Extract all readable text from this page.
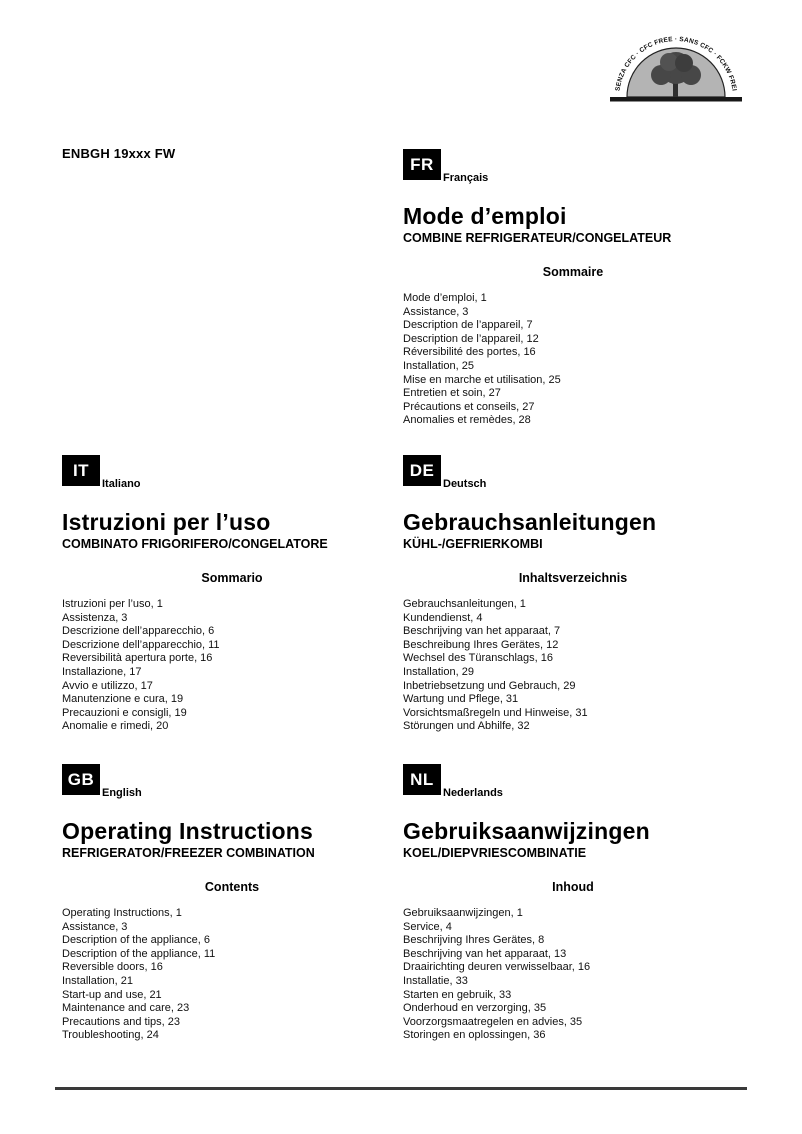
SENZA CFC · CFC FREE · SANS CFC · FCKW FREI
ENBGH 19xxx FW
FR
Français
Mode d’emploi
COMBINE REFRIGERATEUR/CONGELATEUR
Sommaire
Mode d’emploi, 1
Assistance, 3
Description de l’appareil, 7
Description de l’appareil, 12
Réversibilité des portes, 16
Installation, 25
Mise en marche et utilisation, 25
Entretien et soin, 27
Précautions et conseils, 27
Anomalies et remèdes, 28
IT
Italiano
Istruzioni per l’uso
COMBINATO FRIGORIFERO/CONGELATORE
Sommario
Istruzioni per l’uso, 1
Assistenza, 3
Descrizione dell’apparecchio, 6
Descrizione dell’apparecchio, 11
Reversibilità apertura porte, 16
Installazione, 17
Avvio e utilizzo, 17
Manutenzione e cura, 19
Precauzioni e consigli, 19
Anomalie e rimedi, 20
DE
Deutsch
Gebrauchsanleitungen
KÜHL-/GEFRIERKOMBI
Inhaltsverzeichnis
Gebrauchsanleitungen, 1
Kundendienst, 4
Beschrijving van het apparaat, 7
Beschreibung Ihres Gerätes, 12
Wechsel des Türanschlags, 16
Installation, 29
Inbetriebsetzung und Gebrauch, 29
Wartung und Pflege, 31
Vorsichtsmaßregeln und Hinweise, 31
Störungen und Abhilfe, 32
GB
English
Operating Instructions
REFRIGERATOR/FREEZER COMBINATION
Contents
Operating Instructions, 1
Assistance, 3
Description of the appliance, 6
Description of the appliance, 11
Reversible doors, 16
Installation, 21
Start-up and use, 21
Maintenance and care, 23
Precautions and tips, 23
Troubleshooting, 24
NL
Nederlands
Gebruiksaanwijzingen
KOEL/DIEPVRIESCOMBINATIE
Inhoud
Gebruiksaanwijzingen, 1
Service, 4
Beschrijving Ihres Gerätes, 8
Beschrijving van het apparaat, 13
Draairichting deuren verwisselbaar, 16
Installatie, 33
Starten en gebruik, 33
Onderhoud en verzorging, 35
Voorzorgsmaatregelen en advies, 35
Storingen en oplossingen, 36
